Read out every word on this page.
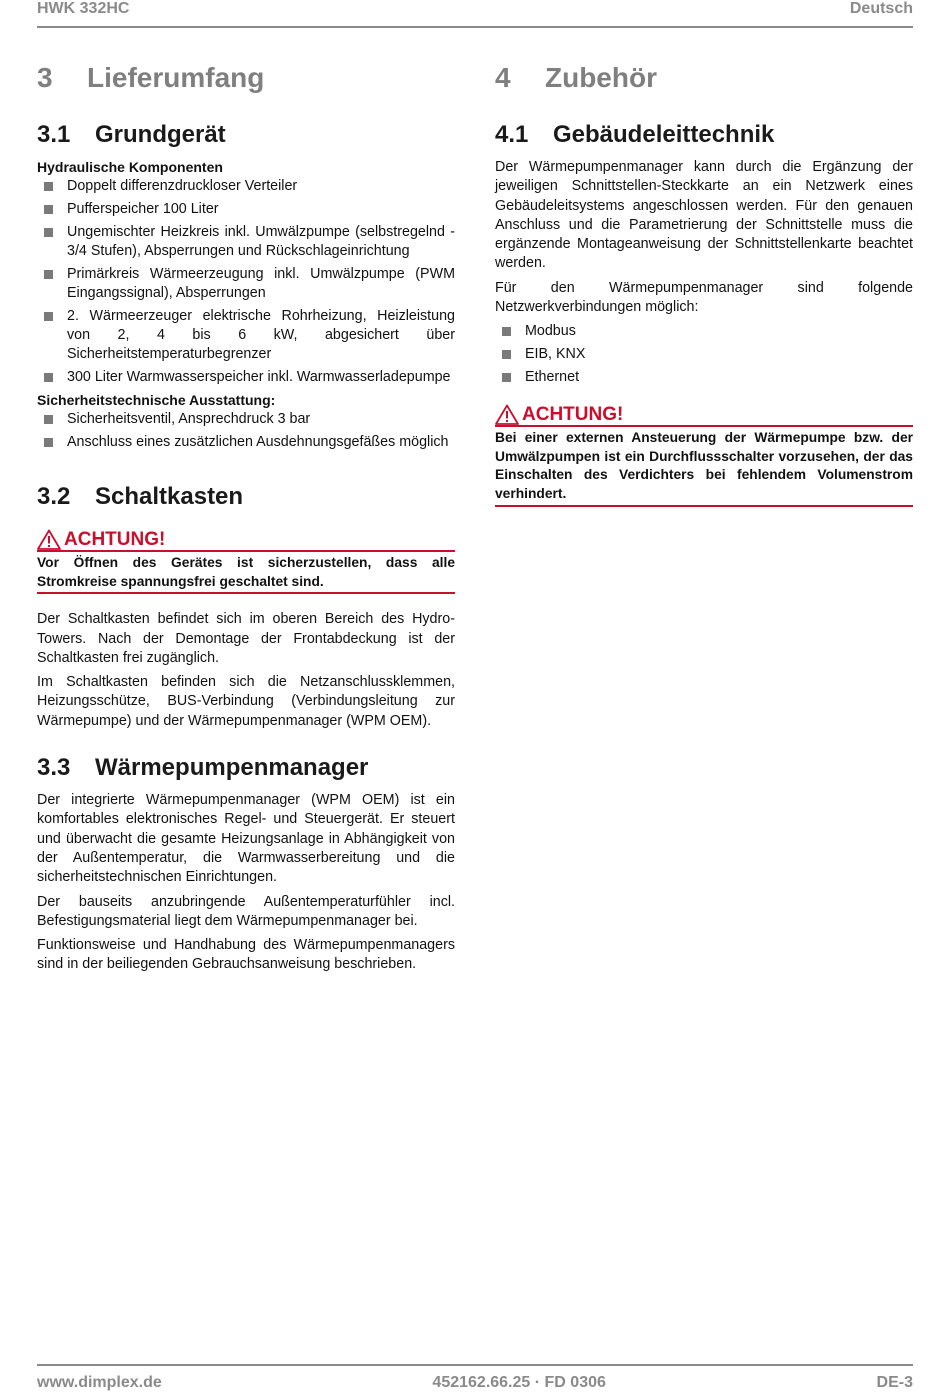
HWK 332HC	Deutsch
3 Lieferumfang
3.1 Grundgerät
Hydraulische Komponenten
Doppelt differenzdruckloser Verteiler
Pufferspeicher 100 Liter
Ungemischter Heizkreis inkl. Umwälzpumpe (selbstregelnd - 3/4 Stufen), Absperrungen und Rückschlageinrichtung
Primärkreis Wärmeerzeugung inkl. Umwälzpumpe (PWM Eingangssignal), Absperrungen
2. Wärmeerzeuger elektrische Rohrheizung, Heizleistung von 2, 4 bis 6 kW, abgesichert über Sicherheitstemperaturbegrenzer
300 Liter Warmwasserspeicher inkl. Warmwasserladepumpe
Sicherheitstechnische Ausstattung:
Sicherheitsventil, Ansprechdruck 3 bar
Anschluss eines zusätzlichen Ausdehnungsgefäßes möglich
3.2 Schaltkasten
ACHTUNG!
Vor Öffnen des Gerätes ist sicherzustellen, dass alle Stromkreise spannungsfrei geschaltet sind.

Der Schaltkasten befindet sich im oberen Bereich des Hydro-Towers. Nach der Demontage der Frontabdeckung ist der Schaltkasten frei zugänglich.

Im Schaltkasten befinden sich die Netzanschlussklemmen, Heizungsschütze, BUS-Verbindung (Verbindungsleitung zur Wärmepumpe) und der Wärmepumpenmanager (WPM OEM).

3.3 Wärmepumpenmanager

Der integrierte Wärmepumpenmanager (WPM OEM) ist ein komfortables elektronisches Regel- und Steuergerät. Er steuert und überwacht die gesamte Heizungsanlage in Abhängigkeit von der Außentemperatur, die Warmwasserbereitung und die sicherheitstechnischen Einrichtungen.

Der bauseits anzubringende Außentemperaturfühler incl. Befestigungsmaterial liegt dem Wärmepumpenmanager bei.

Funktionsweise und Handhabung des Wärmepumpenmanagers sind in der beiliegenden Gebrauchsanweisung beschrieben.

4 Zubehör
4.1 Gebäudeleittechnik

Der Wärmepumpenmanager kann durch die Ergänzung der jeweiligen Schnittstellen-Steckkarte an ein Netzwerk eines Gebäudeleitsystems angeschlossen werden. Für den genauen Anschluss und die Parametrierung der Schnittstelle muss die ergänzende Montageanweisung der Schnittstellenkarte beachtet werden.

Für den Wärmepumpenmanager sind folgende Netzwerkverbindungen möglich:

Modbus
EIB, KNX
Ethernet
ACHTUNG!
Bei einer externen Ansteuerung der Wärmepumpe bzw. der Umwälzpumpen ist ein Durchflussschalter vorzusehen, der das Einschalten des Verdichters bei fehlendem Volumenstrom verhindert.
www.dimplex.de	452162.66.25 · FD 0306	DE-3
